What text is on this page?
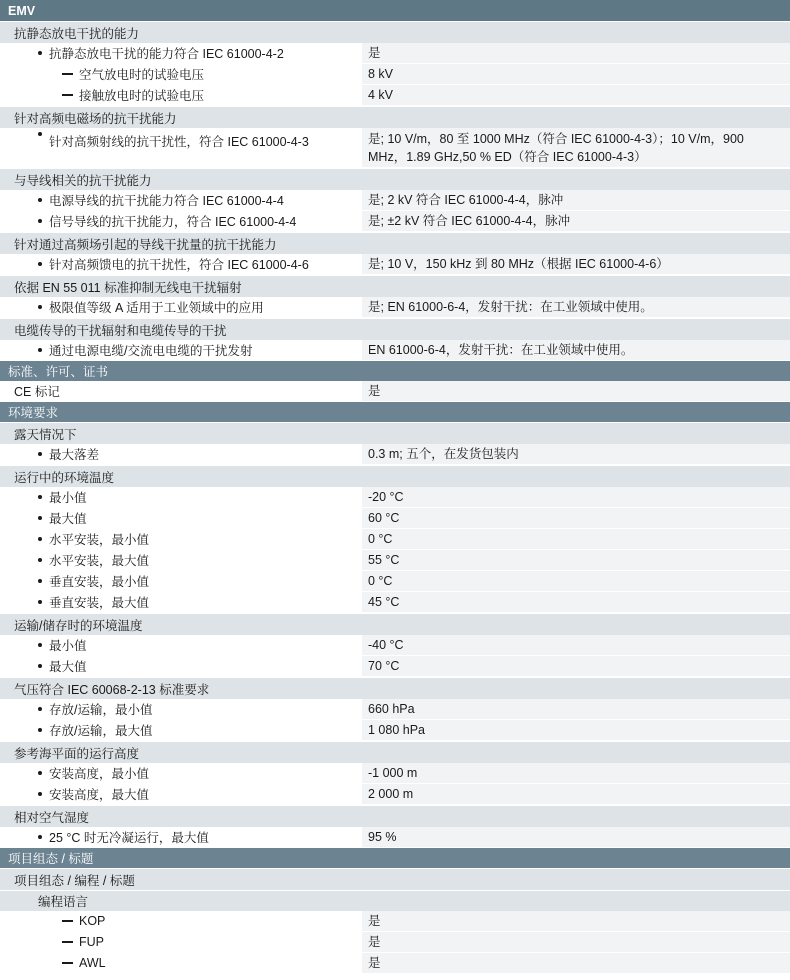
EMV
抗静态放电干扰的能力
抗静态放电干扰的能力符合 IEC 61000-4-2	是
空气放电时的试验电压	8 kV
接触放电时的试验电压	4 kV
针对高频电磁场的抗干扰能力
针对高频射线的抗干扰性，符合 IEC 61000-4-3	是; 10 V/m，80 至 1000 MHz（符合 IEC 61000-4-3）；10 V/m，900 MHz，1.89 GHz,50 % ED（符合 IEC 61000-4-3）
与导线相关的抗干扰能力
电源导线的抗干扰能力符合 IEC 61000-4-4	是; 2 kV 符合 IEC 61000-4-4，脉冲
信号导线的抗干扰能力，符合 IEC 61000-4-4	是; ±2 kV 符合 IEC 61000-4-4，脉冲
针对通过高频场引起的导线干扰量的抗干扰能力
针对高频馈电的抗干扰性，符合 IEC 61000-4-6	是; 10 V，150 kHz 到 80 MHz（根据 IEC 61000-4-6）
依据 EN 55 011 标准抑制无线电干扰辐射
极限值等级 A 适用于工业领域中的应用	是; EN 61000-6-4，发射干扰：在工业领域中使用。
电缆传导的干扰辐射和电缆传导的干扰
通过电源电缆/交流电电缆的干扰发射	EN 61000-6-4，发射干扰：在工业领域中使用。
标准、许可、证书
CE 标记	是
环境要求
露天情况下
最大落差	0.3 m; 五个，在发货包装内
运行中的环境温度
最小值	-20 °C
最大值	60 °C
水平安装，最小值	0 °C
水平安装，最大值	55 °C
垂直安装，最小值	0 °C
垂直安装，最大值	45 °C
运输/储存时的环境温度
最小值	-40 °C
最大值	70 °C
气压符合 IEC 60068-2-13 标准要求
存放/运输，最小值	660 hPa
存放/运输，最大值	1 080 hPa
参考海平面的运行高度
安装高度，最小值	-1 000 m
安装高度，最大值	2 000 m
相对空气湿度
25 °C 时无冷凝运行，最大值	95 %
项目组态 / 标题
项目组态 / 编程 / 标题
编程语言
KOP	是
FUP	是
AWL	是
